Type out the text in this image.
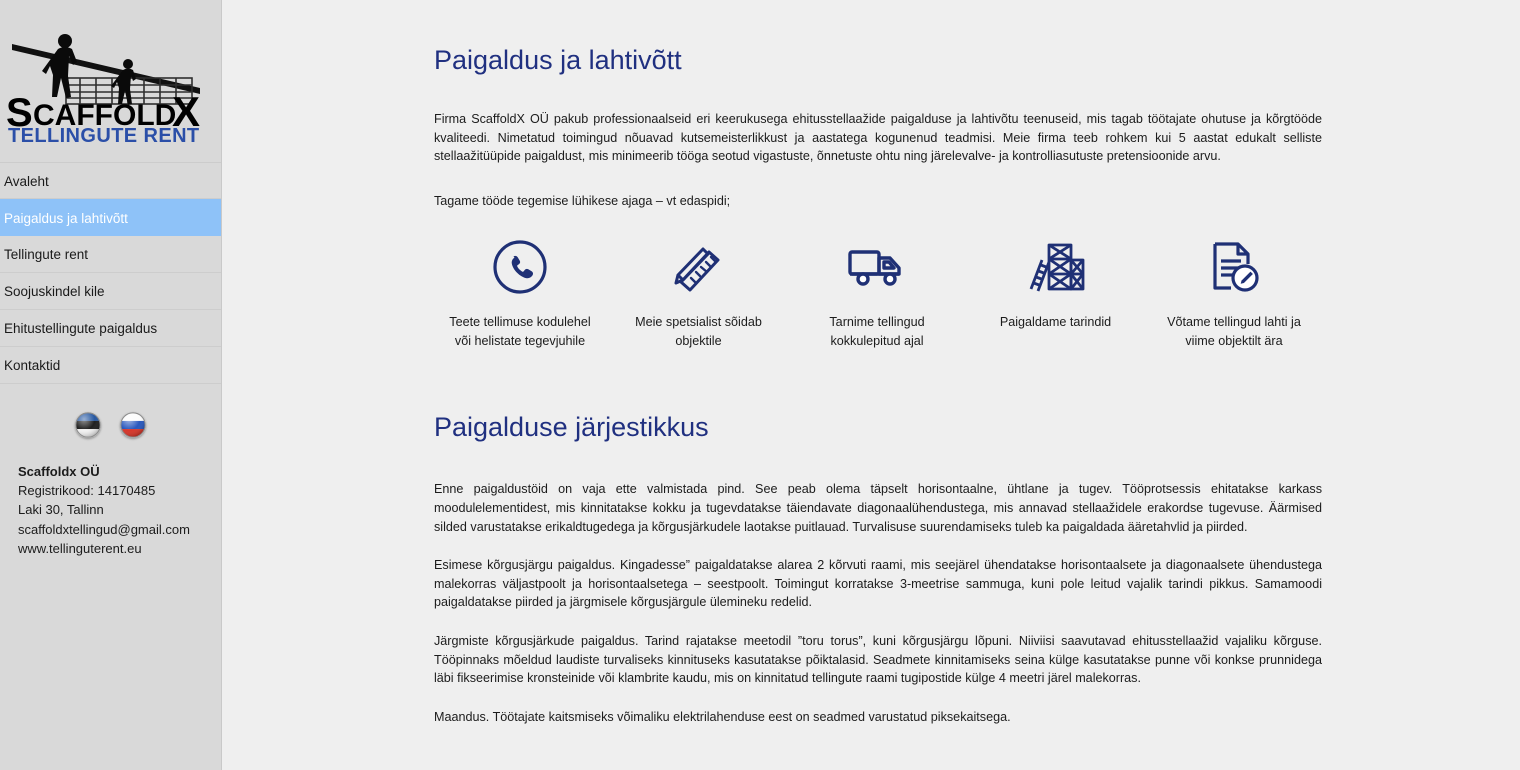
S CAFFOLD
X
TELLINGUTE RENT
Avaleht
Paigaldus ja lahtivõtt
Tellingute rent
Soojuskindel kile
Ehitustellingute paigaldus
Kontaktid
Scaffoldx OÜ
Registrikood: 14170485
Laki 30, Tallinn
scaffoldxtellingud@gmail.com
www.tellinguterent.eu
Paigaldus ja lahtivõtt

Firma ScaffoldX OÜ pakub professionaalseid eri keerukusega ehitusstellaažide paigalduse ja lahtivõtu teenuseid, mis tagab töötajate ohutuse ja kõrgtööde kvaliteedi. Nimetatud toimingud nõuavad kutsemeisterlikkust ja aastatega kogunenud teadmisi. Meie firma teeb rohkem kui 5 aastat edukalt selliste stellaažitüüpide paigaldust, mis minimeerib tööga seotud vigastuste, õnnetuste ohtu ning järelevalve- ja kontrolliasutuste pretensioonide arvu.

Tagame tööde tegemise lühikese ajaga – vt edaspidi;

Teete tellimuse kodulehel või helistate tegevjuhile
Meie spetsialist sõidab objektile
Tarnime tellingud kokkulepitud ajal
Paigaldame tarindid	Võtame tellingud lahti ja viime objektilt ära
Paigalduse järjestikkus

Enne paigaldustöid on vaja ette valmistada pind. See peab olema täpselt horisontaalne, ühtlane ja tugev. Tööprotsessis ehitatakse karkass moodulelementidest, mis kinnitatakse kokku ja tugevdatakse täiendavate diagonaalühendustega, mis annavad stellaažidele erakordse tugevuse. Äärmised silded varustatakse erikaldtugedega ja kõrgusjärkudele laotakse puitlauad. Turvalisuse suurendamiseks tuleb ka paigaldada ääretahvlid ja piirded.

Esimese kõrgusjärgu paigaldus. Kingadesse” paigaldatakse alarea 2 kõrvuti raami, mis seejärel ühendatakse horisontaalsete ja diagonaalsete ühendustega malekorras väljastpoolt ja horisontaalsetega – seestpoolt. Toimingut korratakse 3-meetrise sammuga, kuni pole leitud vajalik tarindi pikkus. Samamoodi paigaldatakse piirded ja järgmisele kõrgusjärgule ülemineku redelid.

Järgmiste kõrgusjärkude paigaldus. Tarind rajatakse meetodil ”toru torus”, kuni kõrgusjärgu lõpuni. Niiviisi saavutavad ehitusstellaažid vajaliku kõrguse. Tööpinnaks mõeldud laudiste turvaliseks kinnituseks kasutatakse põiktalasid. Seadmete kinnitamiseks seina külge kasutatakse punne või konkse prunnidega läbi fikseerimise kronsteinide või klambrite kaudu, mis on kinnitatud tellingute raami tugipostide külge 4 meetri järel malekorras.

Maandus. Töötajate kaitsmiseks võimaliku elektrilahenduse eest on seadmed varustatud piksekaitsega.
